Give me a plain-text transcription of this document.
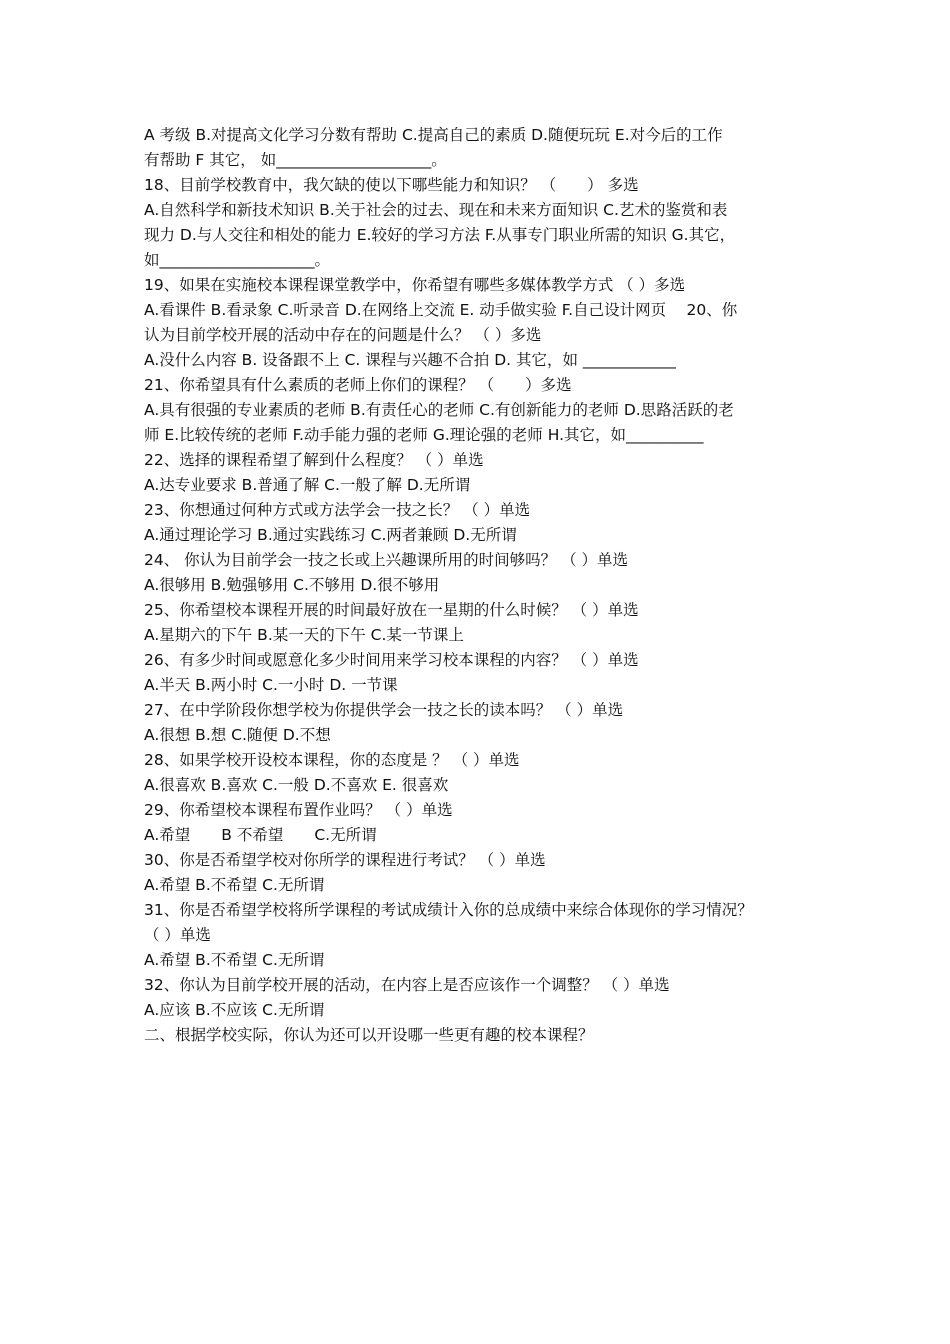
A 考级 B.对提高文化学习分数有帮助 C.提高自己的素质 D.随便玩玩 E.对今后的工作
有帮助 F 其它， 如____________________。
18、目前学校教育中，我欠缺的使以下哪些能力和知识？ （　　） 多选
A.自然科学和新技术知识 B.关于社会的过去、现在和未来方面知识 C.艺术的鉴赏和表
现力 D.与人交往和相处的能力 E.较好的学习方法 F.从事专门职业所需的知识 G.其它，
如____________________。
19、如果在实施校本课程课堂教学中，你希望有哪些多媒体教学方式 （ ）多选
A.看课件 B.看录象 C.听录音 D.在网络上交流 E. 动手做实验 F.自己设计网页　 20、你
认为目前学校开展的活动中存在的问题是什么？ （ ）多选
A.没什么内容 B. 设备跟不上 C. 课程与兴趣不合拍 D. 其它，如 ____________
21、你希望具有什么素质的老师上你们的课程？ （　　）多选
A.具有很强的专业素质的老师 B.有责任心的老师 C.有创新能力的老师 D.思路活跃的老
师 E.比较传统的老师 F.动手能力强的老师 G.理论强的老师 H.其它，如__________
22、选择的课程希望了解到什么程度？ （ ）单选
A.达专业要求 B.普通了解 C.一般了解 D.无所谓
23、你想通过何种方式或方法学会一技之长？ （ ）单选
A.通过理论学习 B.通过实践练习 C.两者兼顾 D.无所谓
24、 你认为目前学会一技之长或上兴趣课所用的时间够吗？ （ ）单选
A.很够用 B.勉强够用 C.不够用 D.很不够用
25、你希望校本课程开展的时间最好放在一星期的什么时候？ （ ）单选
A.星期六的下午 B.某一天的下午 C.某一节课上
26、有多少时间或愿意化多少时间用来学习校本课程的内容？ （ ）单选
A.半天 B.两小时 C.一小时 D. 一节课
27、在中学阶段你想学校为你提供学会一技之长的读本吗？ （ ）单选
A.很想 B.想 C.随便 D.不想
28、如果学校开设校本课程，你的态度是 ？ （ ）单选
A.很喜欢 B.喜欢 C.一般 D.不喜欢 E. 很喜欢
29、你希望校本课程布置作业吗？ （ ）单选
A.希望　　B 不希望　　C.无所谓
30、你是否希望学校对你所学的课程进行考试？ （ ）单选
A.希望 B.不希望 C.无所谓
31、你是否希望学校将所学课程的考试成绩计入你的总成绩中来综合体现你的学习情况？
（ ）单选
A.希望 B.不希望 C.无所谓
32、你认为目前学校开展的活动，在内容上是否应该作一个调整？ （ ）单选
A.应该 B.不应该 C.无所谓
二、根据学校实际，你认为还可以开设哪一些更有趣的校本课程？
